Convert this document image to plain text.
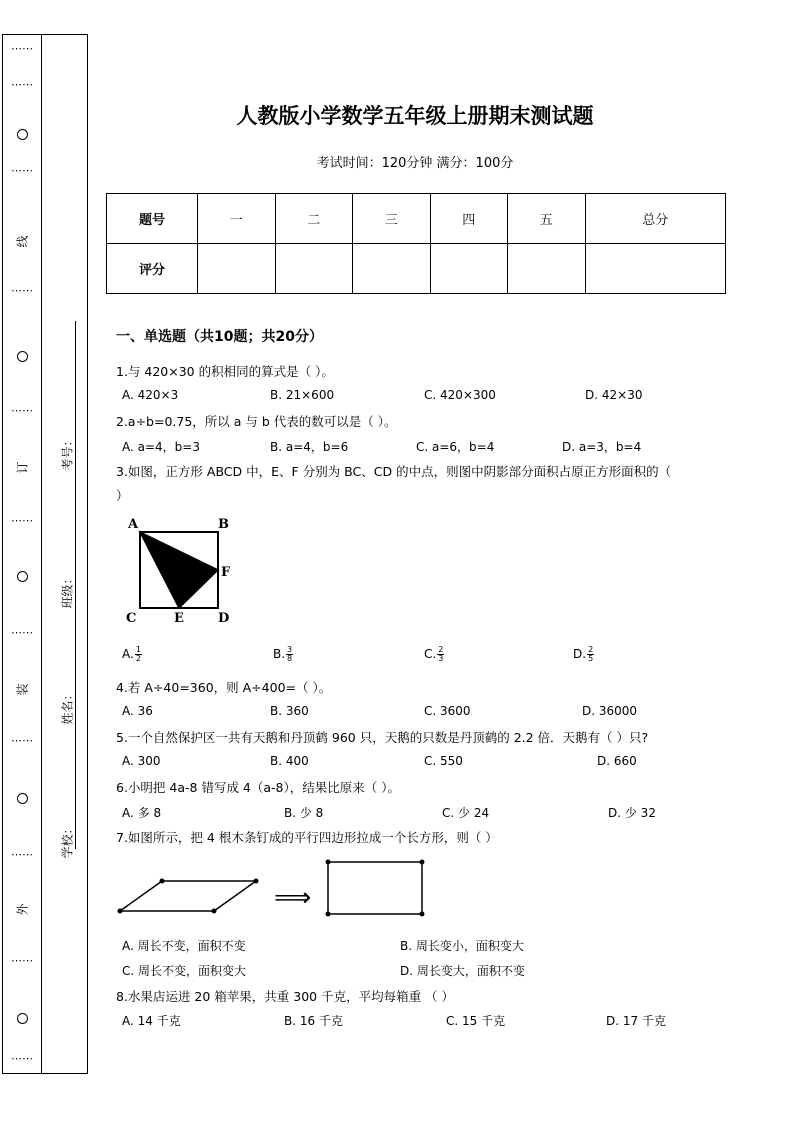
⋯⋯
⋯⋯
⋯⋯
线
⋯⋯
⋯⋯
订
⋯⋯
⋯⋯
装
⋯⋯
⋯⋯
外
⋯⋯
⋯⋯
考号：
班级：
姓名：
学校：
人教版小学数学五年级上册期末测试题
考试时间：120分钟 满分：100分
题号	一	二	三	四	五	总分
评分						
一、单选题（共10题；共20分）
1.与 420×30 的积相同的算式是（ ）。
A. 420×3	B. 21×600	C. 420×300	D. 42×30
2.a÷b=0.75，所以 a 与 b 代表的数可以是（ ）。
A. a=4，b=3	B. a=4，b=6	C. a=6，b=4	D. a=3，b=4
3.如图，正方形 ABCD 中，E、F 分别为 BC、CD 的中点，则图中阴影部分面积占原正方形面积的（
）
A	B
C	D
E
F
A. $\frac{1}{2}$	B. $\frac{3}{8}$	C. $\frac{2}{3}$	D. $\frac{2}{5}$
4.若 A÷40=360，则 A÷400=（ ）。
A. 36	B. 360	C. 3600	D. 36000
5.一个自然保护区一共有天鹅和丹顶鹤 960 只，天鹅的只数是丹顶鹤的 2.2 倍．天鹅有（ ）只?
A. 300	B. 400	C. 550	D. 660
6.小明把 4a-8 错写成 4（a-8），结果比原来（ ）。
A. 多 8	B. 少 8	C. 少 24	D. 少 32
7.如图所示，把 4 根木条钉成的平行四边形拉成一个长方形，则（ ）
⟹
A. 周长不变，面积不变	B. 周长变小，面积变大
C. 周长不变，面积变大	D. 周长变大，面积不变
8.水果店运进 20 箱苹果，共重 300 千克，平均每箱重 （ ）
A. 14 千克	B. 16 千克	C. 15 千克	D. 17 千克
